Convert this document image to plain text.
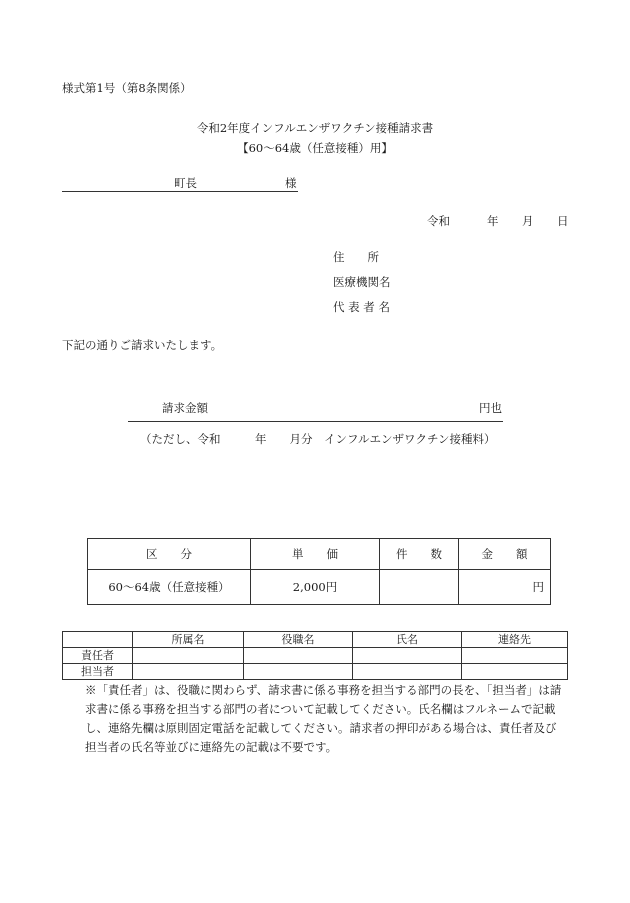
様式第1号（第8条関係）
令和2年度インフルエンザワクチン接種請求書
【60～64歳（任意接種）用】
町長	様
令和	年 月 日
住　　所
医療機関名
代 表 者 名
下記の通りご請求いたします。
請求金額	円也
（ただし、令和　　　年　　月分　インフルエンザワクチン接種料）
区　　分	単　　価	件　　数	金　　額
60～64歳（任意接種）	2,000円		円
	所属名	役職名	氏名	連絡先
責任者				
担当者				
※「責任者」は、役職に関わらず、請求書に係る事務を担当する部門の長を、「担当者」は請求書に係る事務を担当する部門の者について記載してください。氏名欄はフルネームで記載し、連絡先欄は原則固定電話を記載してください。請求者の押印がある場合は、責任者及び担当者の氏名等並びに連絡先の記載は不要です。
